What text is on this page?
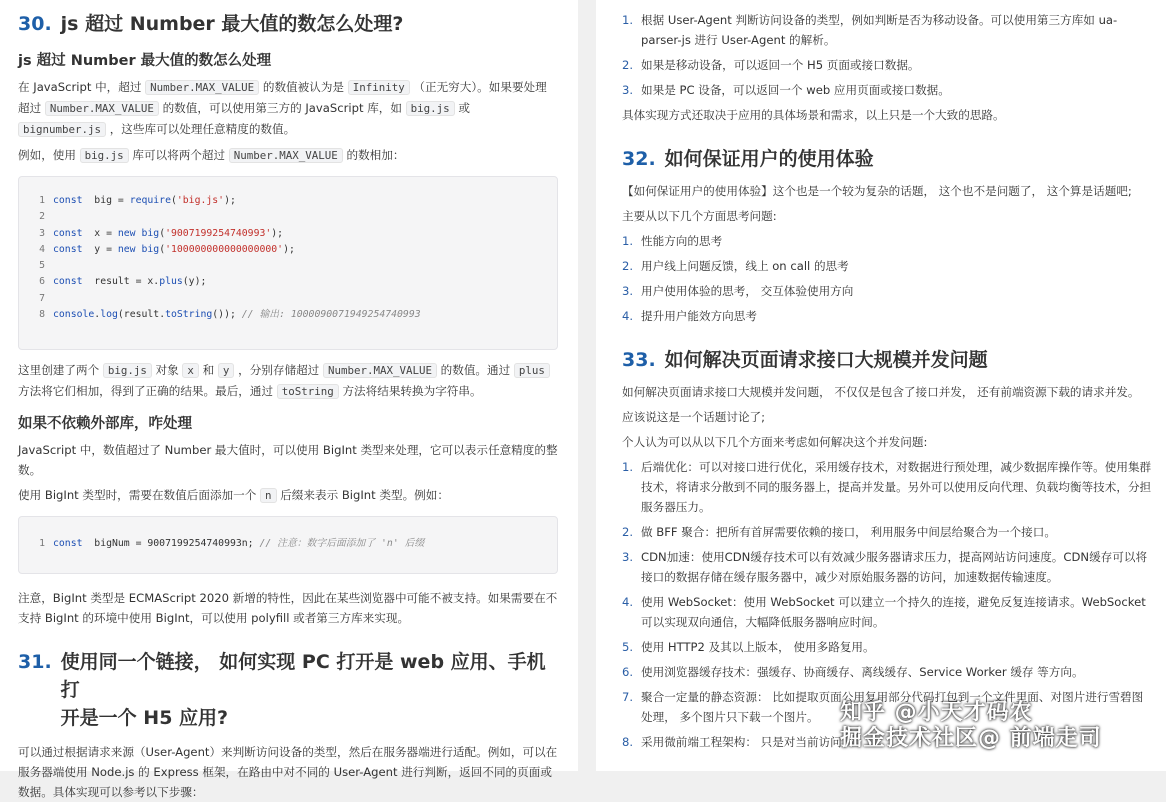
30. js 超过 Number 最大值的数怎么处理?
js 超过 Number 最大值的数怎么处理

在 JavaScript 中，超过 Number.MAX_VALUE 的数值被认为是 Infinity （正无穷大）。如果要处理超过 Number.MAX_VALUE 的数值，可以使用第三方的 JavaScript 库，如 big.js 或 bignumber.js ，这些库可以处理任意精度的数值。

例如，使用 big.js 库可以将两个超过 Number.MAX_VALUE 的数相加：

1 const big = require ( 'big.js' );
2
3 const x = new
big ( '9007199254740993' );
4 const y = new
big ( '100000000000000000' );
5
6 const result = x. plus (y);
7
8 console . log (result. toString ()); // 输出: 1000090071949254740993

这里创建了两个 big.js 对象 x 和 y ，分别存储超过 Number.MAX_VALUE 的数值。通过 plus 方法将它们相加，得到了正确的结果。最后，通过 toString 方法将结果转换为字符串。

如果不依赖外部库，咋处理

JavaScript 中，数值超过了 Number 最大值时，可以使用 BigInt 类型来处理，它可以表示任意精度的整数。

使用 BigInt 类型时，需要在数值后面添加一个 n 后缀来表示 BigInt 类型。例如：

1 const bigNum = 9007199254740993n ; // 注意：数字后面添加了 'n' 后缀

注意，BigInt 类型是 ECMAScript 2020 新增的特性，因此在某些浏览器中可能不被支持。如果需要在不支持 BigInt 的环境中使用 BigInt，可以使用 polyfill 或者第三方库来实现。

31. 使用同一个链接， 如何实现 PC 打开是 web 应用、手机打
开是一个 H5 应用?

可以通过根据请求来源（User-Agent）来判断访问设备的类型，然后在服务器端进行适配。例如，可以在服务器端使用 Node.js 的 Express 框架，在路由中对不同的 User-Agent 进行判断，返回不同的页面或数据。具体实现可以参考以下步骤：

1. 根据 User-Agent 判断访问设备的类型，例如判断是否为移动设备。可以使用第三方库如 ua-parser-js 进行 User-Agent 的解析。
2. 如果是移动设备，可以返回一个 H5 页面或接口数据。
3. 如果是 PC 设备，可以返回一个 web 应用页面或接口数据。

具体实现方式还取决于应用的具体场景和需求，以上只是一个大致的思路。

32. 如何保证用户的使用体验

【如何保证用户的使用体验】这个也是一个较为复杂的话题， 这个也不是问题了， 这个算是话题吧;

主要从以下几个方面思考问题:

1. 性能方向的思考
2. 用户线上问题反馈，线上 on call 的思考
3. 用户使用体验的思考， 交互体验使用方向
4. 提升用户能效方向思考
33. 如何解决页面请求接口大规模并发问题

如何解决页面请求接口大规模并发问题， 不仅仅是包含了接口并发， 还有前端资源下载的请求并发。

应该说这是一个话题讨论了;

个人认为可以从以下几个方面来考虑如何解决这个并发问题:

1. 后端优化：可以对接口进行优化，采用缓存技术，对数据进行预处理，减少数据库操作等。使用集群技术，将请求分散到不同的服务器上，提高并发量。另外可以使用反向代理、负载均衡等技术，分担服务器压力。
2. 做 BFF 聚合：把所有首屏需要依赖的接口， 利用服务中间层给聚合为一个接口。
3. CDN加速：使用CDN缓存技术可以有效减少服务器请求压力，提高网站访问速度。CDN缓存可以将接口的数据存储在缓存服务器中，减少对原始服务器的访问，加速数据传输速度。
4. 使用 WebSocket：使用 WebSocket 可以建立一个持久的连接，避免反复连接请求。WebSocket 可以实现双向通信，大幅降低服务器响应时间。
5. 使用 HTTP2 及其以上版本， 使用多路复用。
6. 使用浏览器缓存技术：强缓存、协商缓存、离线缓存、Service Worker 缓存 等方向。
7. 聚合一定量的静态资源： 比如提取页面公用复用部分代码打包到一个文件里面、对图片进行雪碧图处理， 多个图片只下载一个图片。
8. 采用微前端工程架构： 只是对当前访问
知乎 @小天才码农
掘金技术社区@ 前端走司
